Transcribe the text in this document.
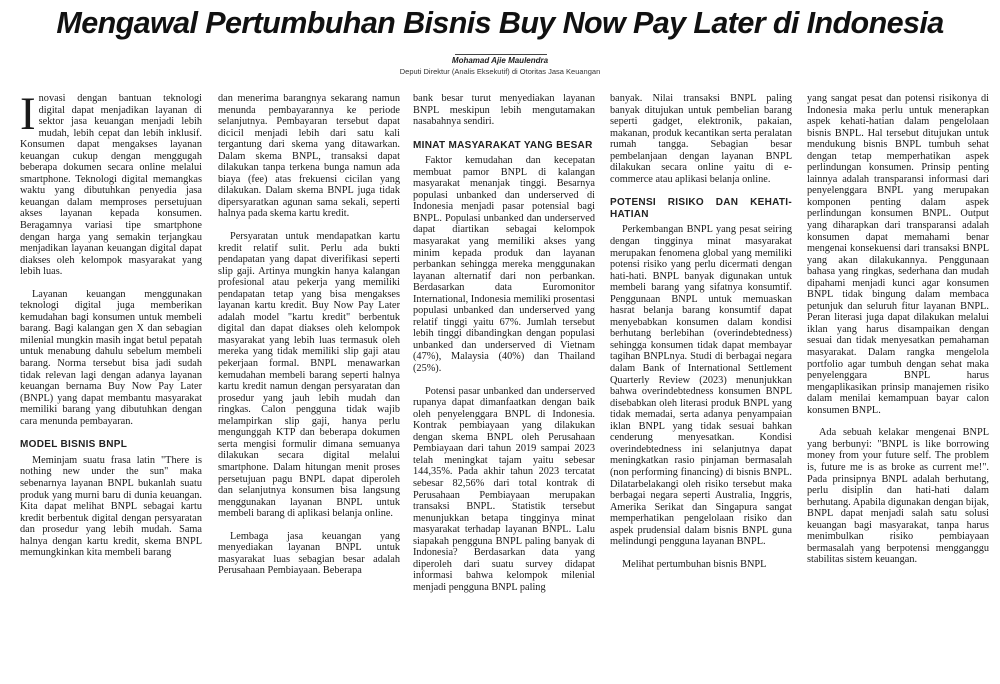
Mengawal Pertumbuhan Bisnis Buy Now Pay Later di Indonesia
Mohamad Ajie Maulendra
Deputi Direktur (Analis Eksekutif) di Otoritas Jasa Keuangan

Inovasi dengan bantuan teknologi digital dapat menjadikan layanan di sektor jasa keuangan menjadi lebih mudah, lebih cepat dan lebih inklusif. Konsumen dapat mengakses layanan keuangan cukup dengan menggugah beberapa dokumen secara online melalui smartphone. Teknologi digital memangkas waktu yang dibutuhkan penyedia jasa keuangan dalam memproses persetujuan akses layanan kepada konsumen. Beragamnya variasi tipe smartphone dengan harga yang semakin terjangkau menjadikan layanan keuangan digital dapat diakses oleh kelompok masyarakat yang lebih luas.

Layanan keuangan menggunakan teknologi digital juga memberikan kemudahan bagi konsumen untuk membeli barang. Bagi kalangan gen X dan sebagian milenial mungkin masih ingat betul pepatah untuk menabung dahulu sebelum membeli barang. Norma tersebut bisa jadi sudah tidak relevan lagi dengan adanya layanan keuangan bernama Buy Now Pay Later (BNPL) yang dapat membantu masyarakat memiliki barang yang dibutuhkan dengan cara menunda pembayaran.

MODEL BISNIS BNPL

Meminjam suatu frasa latin "There is nothing new under the sun" maka sebenarnya layanan BNPL bukanlah suatu produk yang murni baru di dunia keuangan. Kita dapat melihat BNPL sebagai kartu kredit berbentuk digital dengan persyaratan dan prosedur yang lebih mudah. Sama halnya dengan kartu kredit, skema BNPL memungkinkan kita membeli barang

dan menerima barangnya sekarang namun menunda pembayarannya ke periode selanjutnya. Pembayaran tersebut dapat dicicil menjadi lebih dari satu kali tergantung dari skema yang ditawarkan. Dalam skema BNPL, transaksi dapat dilakukan tanpa terkena bunga namun ada biaya (fee) atas frekuensi cicilan yang dilakukan. Dalam skema BNPL juga tidak dipersyaratkan agunan sama sekali, seperti halnya pada skema kartu kredit.

Persyaratan untuk mendapatkan kartu kredit relatif sulit. Perlu ada bukti pendapatan yang dapat diverifikasi seperti slip gaji. Artinya mungkin hanya kalangan profesional atau pekerja yang memiliki pendapatan tetap yang bisa mengakses layanan kartu kredit. Buy Now Pay Later adalah model "kartu kredit" berbentuk digital dan dapat diakses oleh kelompok masyarakat yang lebih luas termasuk oleh mereka yang tidak memiliki slip gaji atau pekerjaan formal. BNPL menawarkan kemudahan membeli barang seperti halnya kartu kredit namun dengan persyaratan dan prosedur yang jauh lebih mudah dan ringkas. Calon pengguna tidak wajib melampirkan slip gaji, hanya perlu mengunggah KTP dan beberapa dokumen serta mengisi formulir dimana semuanya dilakukan secara digital melalui smartphone. Dalam hitungan menit proses persetujuan pagu BNPL dapat diperoleh dan selanjutnya konsumen bisa langsung menggunakan layanan BNPL untuk membeli barang di aplikasi belanja online.

Lembaga jasa keuangan yang menyediakan layanan BNPL untuk masyarakat luas sebagian besar adalah Perusahaan Pembiayaan. Beberapa

bank besar turut menyediakan layanan BNPL meskipun lebih mengutamakan nasabahnya sendiri.

MINAT MASYARAKAT YANG BESAR

Faktor kemudahan dan kecepatan membuat pamor BNPL di kalangan masyarakat menanjak tinggi. Besarnya populasi unbanked dan underserved di Indonesia menjadi pasar potensial bagi BNPL. Populasi unbanked dan underserved dapat diartikan sebagai kelompok masyarakat yang memiliki akses yang minim kepada produk dan layanan perbankan sehingga mereka menggunakan layanan alternatif dari non perbankan. Berdasarkan data Euromonitor International, Indonesia memiliki prosentasi populasi unbanked dan underserved yang relatif tinggi yaitu 67%. Jumlah tersebut lebih tinggi dibandingkan dengan populasi unbanked dan underserved di Vietnam (47%), Malaysia (40%) dan Thailand (25%).

Potensi pasar unbanked dan underserved rupanya dapat dimanfaatkan dengan baik oleh penyelenggara BNPL di Indonesia. Kontrak pembiayaan yang dilakukan dengan skema BNPL oleh Perusahaan Pembiayaan dari tahun 2019 sampai 2023 telah meningkat tajam yaitu sebesar 144,35%. Pada akhir tahun 2023 tercatat sebesar 82,56% dari total kontrak di Perusahaan Pembiayaan merupakan transaksi BNPL. Statistik tersebut menunjukkan betapa tingginya minat masyarakat terhadap layanan BNPL. Lalu siapakah pengguna BNPL paling banyak di Indonesia? Berdasarkan data yang diperoleh dari suatu survey didapat informasi bahwa kelompok milenial menjadi pengguna BNPL paling

banyak. Nilai transaksi BNPL paling banyak ditujukan untuk pembelian barang seperti gadget, elektronik, pakaian, makanan, produk kecantikan serta peralatan rumah tangga. Sebagian besar pembelanjaan dengan layanan BNPL dilakukan secara online yaitu di e-commerce atau aplikasi belanja online.

POTENSI RISIKO DAN KEHATI-HATIAN

Perkembangan BNPL yang pesat seiring dengan tingginya minat masyarakat merupakan fenomena global yang memiliki potensi risiko yang perlu dicermati dengan hati-hati. BNPL banyak digunakan untuk membeli barang yang sifatnya konsumtif. Penggunaan BNPL untuk memuaskan hasrat belanja barang konsumtif dapat menyebabkan konsumen dalam kondisi berhutang berlebihan (overindebtedness) sehingga konsumen tidak dapat membayar tagihan BNPLnya. Studi di berbagai negara dalam Bank of International Settlement Quarterly Review (2023) menunjukkan bahwa overindebtedness konsumen BNPL disebabkan oleh literasi produk BNPL yang tidak memadai, serta adanya penyampaian iklan BNPL yang tidak sesuai bahkan cenderung menyesatkan. Kondisi overindebtedness ini selanjutnya dapat meningkatkan rasio pinjaman bermasalah (non performing financing) di bisnis BNPL. Dilatarbelakangi oleh risiko tersebut maka berbagai negara seperti Australia, Inggris, Amerika Serikat dan Singapura sangat memperhatikan pengelolaan risiko dan aspek prudensial dalam bisnis BNPL guna melindungi pengguna layanan BNPL.

Melihat pertumbuhan bisnis BNPL

yang sangat pesat dan potensi risikonya di Indonesia maka perlu untuk menerapkan aspek kehati-hatian dalam pengelolaan bisnis BNPL. Hal tersebut ditujukan untuk mendukung bisnis BNPL tumbuh sehat dengan tetap memperhatikan aspek perlindungan konsumen. Prinsip penting lainnya adalah transparansi informasi dari penyelenggara BNPL yang merupakan komponen penting dalam aspek perlindungan konsumen BNPL. Output yang diharapkan dari transparansi adalah konsumen dapat memahami benar mengenai konsekuensi dari transaksi BNPL yang akan dilakukannya. Penggunaan bahasa yang ringkas, sederhana dan mudah dipahami menjadi kunci agar konsumen BNPL tidak bingung dalam membaca petunjuk dan seluruh fitur layanan BNPL. Peran literasi juga dapat dilakukan melalui iklan yang harus disampaikan dengan sesuai dan tidak menyesatkan pemahaman masyarakat. Dalam rangka mengelola portfolio agar tumbuh dengan sehat maka penyelenggara BNPL harus mengaplikasikan prinsip manajemen risiko dalam menilai kemampuan bayar calon konsumen BNPL.

Ada sebuah kelakar mengenai BNPL yang berbunyi: "BNPL is like borrowing money from your future self. The problem is, future me is as broke as current me!". Pada prinsipnya BNPL adalah berhutang, perlu disiplin dan hati-hati dalam berhutang. Apabila digunakan dengan bijak, BNPL dapat menjadi salah satu solusi keuangan bagi masyarakat, tanpa harus menimbulkan risiko pembiayaan bermasalah yang berpotensi mengganggu stabilitas sistem keuangan.
